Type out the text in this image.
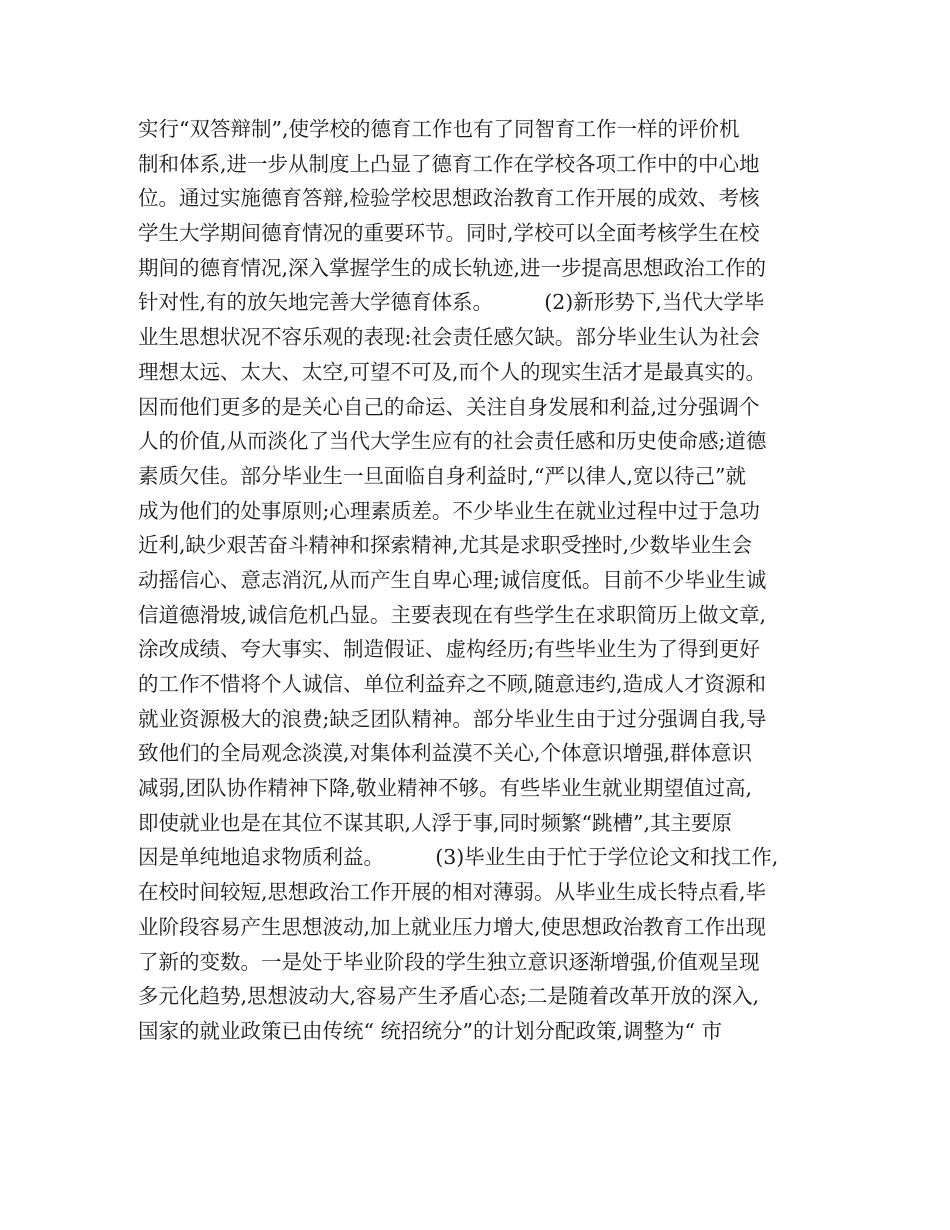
实行“双答辩制”,使学校的德育工作也有了同智育工作一样的评价机
制和体系,进一步从制度上凸显了德育工作在学校各项工作中的中心地
位。通过实施德育答辩,检验学校思想政治教育工作开展的成效、考核
学生大学期间德育情况的重要环节。同时,学校可以全面考核学生在校
期间的德育情况,深入掌握学生的成长轨迹,进一步提高思想政治工作的
针对性,有的放矢地完善大学德育体系。　　　(2)新形势下,当代大学毕
业生思想状况不容乐观的表现:社会责任感欠缺。部分毕业生认为社会
理想太远、太大、太空,可望不可及,而个人的现实生活才是最真实的。
因而他们更多的是关心自己的命运、关注自身发展和利益,过分强调个
人的价值,从而淡化了当代大学生应有的社会责任感和历史使命感;道德
素质欠佳。部分毕业生一旦面临自身利益时,“严以律人,宽以待己”就
成为他们的处事原则;心理素质差。不少毕业生在就业过程中过于急功
近利,缺少艰苦奋斗精神和探索精神,尤其是求职受挫时,少数毕业生会
动摇信心、意志消沉,从而产生自卑心理;诚信度低。目前不少毕业生诚
信道德滑坡,诚信危机凸显。主要表现在有些学生在求职简历上做文章,
涂改成绩、夸大事实、制造假证、虚构经历;有些毕业生为了得到更好
的工作不惜将个人诚信、单位利益弃之不顾,随意违约,造成人才资源和
就业资源极大的浪费;缺乏团队精神。部分毕业生由于过分强调自我,导
致他们的全局观念淡漠,对集体利益漠不关心,个体意识增强,群体意识
减弱,团队协作精神下降,敬业精神不够。有些毕业生就业期望值过高,
即使就业也是在其位不谋其职,人浮于事,同时频繁“跳槽”,其主要原
因是单纯地追求物质利益。　　　(3)毕业生由于忙于学位论文和找工作,
在校时间较短,思想政治工作开展的相对薄弱。从毕业生成长特点看,毕
业阶段容易产生思想波动,加上就业压力增大,使思想政治教育工作出现
了新的变数。一是处于毕业阶段的学生独立意识逐渐增强,价值观呈现
多元化趋势,思想波动大,容易产生矛盾心态;二是随着改革开放的深入,
国家的就业政策已由传统“ 统招统分”的计划分配政策,调整为“ 市
